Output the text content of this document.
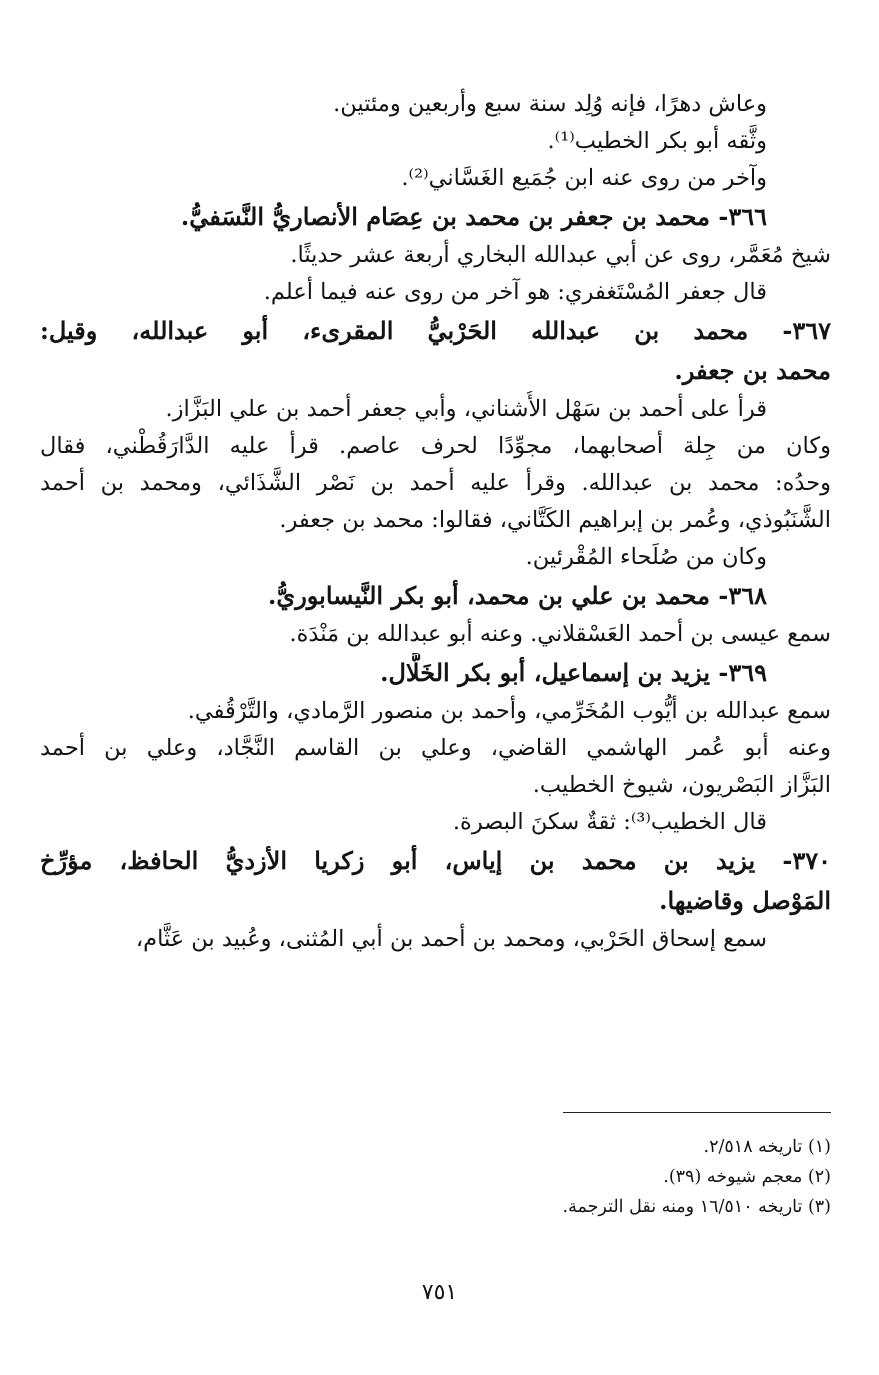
وعاش دهرًا، فإنه وُلِد سنة سبع وأربعين ومئتين.
وثَّقه أبو بكر الخطيب⁽¹⁾.
وآخر من روى عنه ابن جُمَيع الغَسَّاني⁽²⁾.
٣٦٦- محمد بن جعفر بن محمد بن عِصَام الأنصاريُّ النَّسَفيُّ.
شيخ مُعَمَّر، روى عن أبي عبدالله البخاري أربعة عشر حديثًا.
قال جعفر المُسْتَغفري: هو آخر من روى عنه فيما أعلم.
٣٦٧- محمد بن عبدالله الحَرْبيُّ المقرىء، أبو عبدالله، وقيل:
محمد بن جعفر.
قرأ على أحمد بن سَهْل الأُشناني، وأبي جعفر أحمد بن علي البَزَّاز.
وكان من جِلة أصحابهما، مجوِّدًا لحرف عاصم. قرأ عليه الدَّارَقُطْني، فقال
وحدُه: محمد بن عبدالله. وقرأ عليه أحمد بن نَصْر الشَّذَائي، ومحمد بن أحمد
الشَّنَبُوذي، وعُمر بن إبراهيم الكَتَّاني، فقالوا: محمد بن جعفر.
وكان من صُلَحاء المُقْرئين.
٣٦٨- محمد بن علي بن محمد، أبو بكر النَّيسابوريُّ.
سمع عيسى بن أحمد العَسْقلاني. وعنه أبو عبدالله بن مَنْدَة.
٣٦٩- يزيد بن إسماعيل، أبو بكر الخَلَّال.
سمع عبدالله بن أيُّوب المُخَرِّمي، وأحمد بن منصور الرَّمادي، والتَّرْقُفي.
وعنه أبو عُمر الهاشمي القاضي، وعلي بن القاسم النَّجَّاد، وعلي بن أحمد
البَزَّاز البَصْريون، شيوخ الخطيب.
قال الخطيب⁽³⁾: ثقةٌ سكنَ البصرة.
٣٧٠- يزيد بن محمد بن إياس، أبو زكريا الأزديُّ الحافظ، مؤرِّخ
المَوْصل وقاضيها.
سمع إسحاق الحَرْبي، ومحمد بن أحمد بن أبي المُثنى، وعُبيد بن عَثَّام،
(١) تاريخه ٢/٥١٨.
(٢) معجم شيوخه (٣٩).
(٣) تاريخه ١٦/٥١٠ ومنه نقل الترجمة.
٧٥١
